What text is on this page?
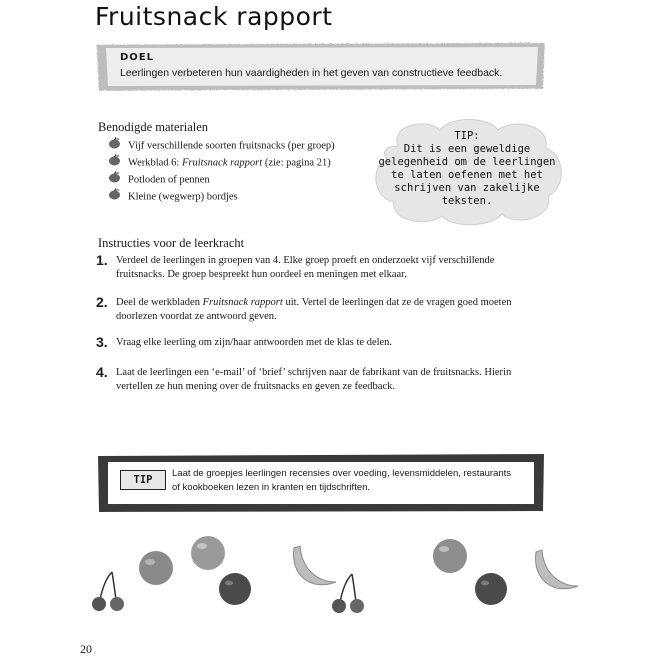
Fruitsnack rapport
DOEL
Leerlingen verbeteren hun vaardigheden in het geven van constructieve feedback.
Benodigde materialen
Vijf verschillende soorten fruitsnacks (per groep)
Werkblad 6: Fruitsnack rapport (zie: pagina 21)
Potloden of pennen
Kleine (wegwerp) bordjes
TIP:
Dit is een geweldige
gelegenheid om de leerlingen
te laten oefenen met het
schrijven van zakelijke
teksten.
Instructies voor de leerkracht
1. Verdeel de leerlingen in groepen van 4. Elke groep proeft en onderzoekt vijf verschillende fruitsnacks. De groep bespreekt hun oordeel en meningen met elkaar.
2. Deel de werkbladen Fruitsnack rapport uit. Vertel de leerlingen dat ze de vragen goed moeten doorlezen voordat ze antwoord geven.
3. Vraag elke leerling om zijn/haar antwoorden met de klas te delen.
4. Laat de leerlingen een ‘e-mail’ of ‘brief’ schrijven naar de fabrikant van de fruitsnacks. Hierin vertellen ze hun mening over de fruitsnacks en geven ze feedback.
TIP
Laat de groepjes leerlingen recensies over voeding, levensmiddelen, restaurants of kookboeken lezen in kranten en tijdschriften.
20
